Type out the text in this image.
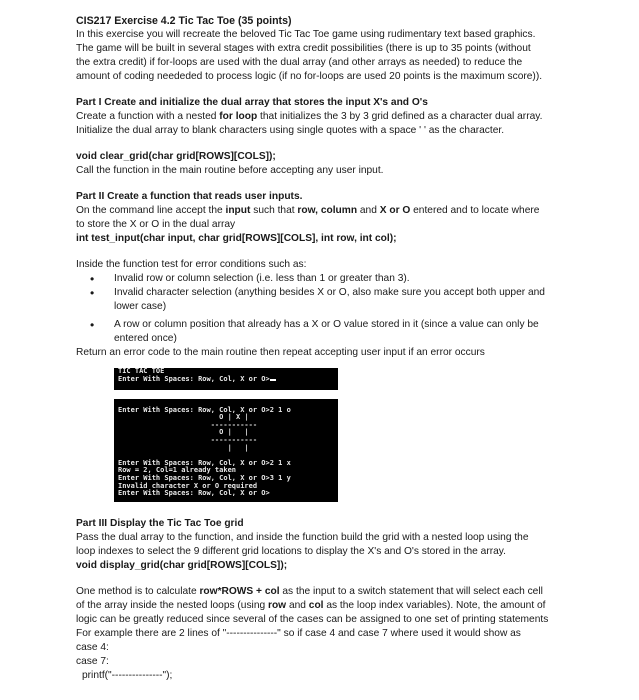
CIS217 Exercise 4.2 Tic Tac Toe (35 points)

In this exercise you will recreate the beloved Tic Tac Toe game using rudimentary text based graphics.

The game will be built in several stages with extra credit possibilities (there is up to 35 points (without

the extra credit) if for-loops are used with the dual array (and other arrays as needed) to reduce the

amount of coding neededed to process logic (if no for-loops are used 20 points is the maximum score)).

Part I Create and initialize the dual array that stores the input X's and O's

Create a function with a nested for loop that initializes the 3 by 3 grid defined as a character dual array.

Initialize the dual array to blank characters using single quotes with a space ' ' as the character.

void clear_grid(char grid[ROWS][COLS]);

Call the function in the main routine before accepting any user input.

Part II Create a function that reads user inputs.

On the command line accept the input such that row, column and X or O entered and to locate where

to store the X or O in the dual array

int test_input(char input, char grid[ROWS][COLS], int row, int col);

Inside the function test for error conditions such as:

• Invalid row or column selection (i.e. less than 1 or greater than 3).
• Invalid character selection (anything besides X or O, also make sure you accept both upper and
lower case)
• A row or column position that already has a X or O value stored in it (since a value can only be
entered once)

Return an error code to the main routine then repeat accepting user input if an error occurs

TIC TAC TOE
Enter With Spaces: Row, Col, X or O>

Enter With Spaces: Row, Col, X or O>2 1 o
O | X |
-----------
O |   |
-----------
|   |

Enter With Spaces: Row, Col, X or O>2 1 x
Row = 2, Col=1 already taken
Enter With Spaces: Row, Col, X or O>3 1 y
Invalid character X or O required
Enter With Spaces: Row, Col, X or O>

Part III Display the Tic Tac Toe grid

Pass the dual array to the function, and inside the function build the grid with a nested loop using the

loop indexes to select the 9 different grid locations to display the X's and O's stored in the array.

void display_grid(char grid[ROWS][COLS]);

One method is to calculate row*ROWS + col as the input to a switch statement that will select each cell

of the array inside the nested loops (using row and col as the loop index variables). Note, the amount of

logic can be greatly reduced since several of the cases can be assigned to one set of printing statements

For example there are 2 lines of "---------------" so if case 4 and case 7 where used it would show as

case 4:

case 7:

printf("---------------");
